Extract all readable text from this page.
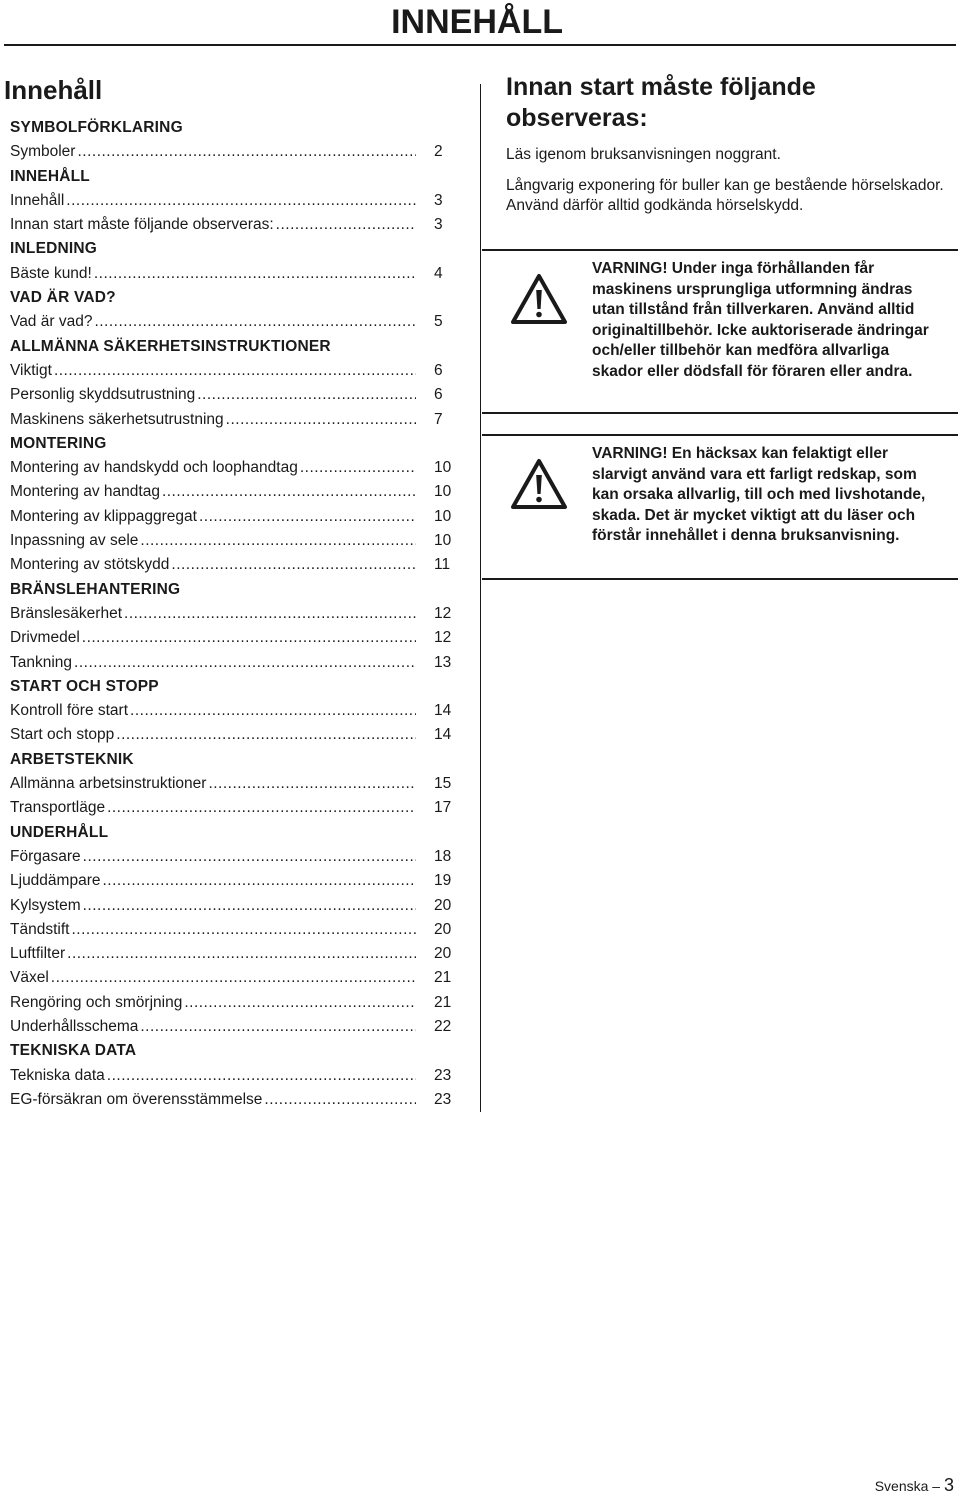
INNEHÅLL
Innehåll
SYMBOLFÖRKLARING
Symboler .....	2
INNEHÅLL
Innehåll .....	3
Innan start måste följande observeras: .....	3
INLEDNING
Bäste kund! .....	4
VAD ÄR VAD?
Vad är vad? .....	5
ALLMÄNNA SÄKERHETSINSTRUKTIONER
Viktigt .....	6
Personlig skyddsutrustning .....	6
Maskinens säkerhetsutrustning .....	7
MONTERING
Montering av handskydd och loophandtag .....	10
Montering av handtag .....	10
Montering av klippaggregat .....	10
Inpassning av sele .....	10
Montering av stötskydd .....	11
BRÄNSLEHANTERING
Bränslesäkerhet .....	12
Drivmedel .....	12
Tankning .....	13
START OCH STOPP
Kontroll före start .....	14
Start och stopp .....	14
ARBETSTEKNIK
Allmänna arbetsinstruktioner .....	15
Transportläge .....	17
UNDERHÅLL
Förgasare .....	18
Ljuddämpare .....	19
Kylsystem .....	20
Tändstift .....	20
Luftfilter .....	20
Växel .....	21
Rengöring och smörjning .....	21
Underhållsschema .....	22
TEKNISKA DATA
Tekniska data .....	23
EG-försäkran om överensstämmelse .....	23
Innan start måste följande observeras:

Läs igenom bruksanvisningen noggrant.

Långvarig exponering för buller kan ge bestående hörselskador. Använd därför alltid godkända hörselskydd.

VARNING! Under inga förhållanden får maskinens ursprungliga utformning ändras utan tillstånd från tillverkaren. Använd alltid originaltillbehör. Icke auktoriserade ändringar och/eller tillbehör kan medföra allvarliga skador eller dödsfall för föraren eller andra.
VARNING! En häcksax kan felaktigt eller slarvigt använd vara ett farligt redskap, som kan orsaka allvarlig, till och med livshotande, skada. Det är mycket viktigt att du läser och förstår innehållet i denna bruksanvisning.
Svenska – 3
